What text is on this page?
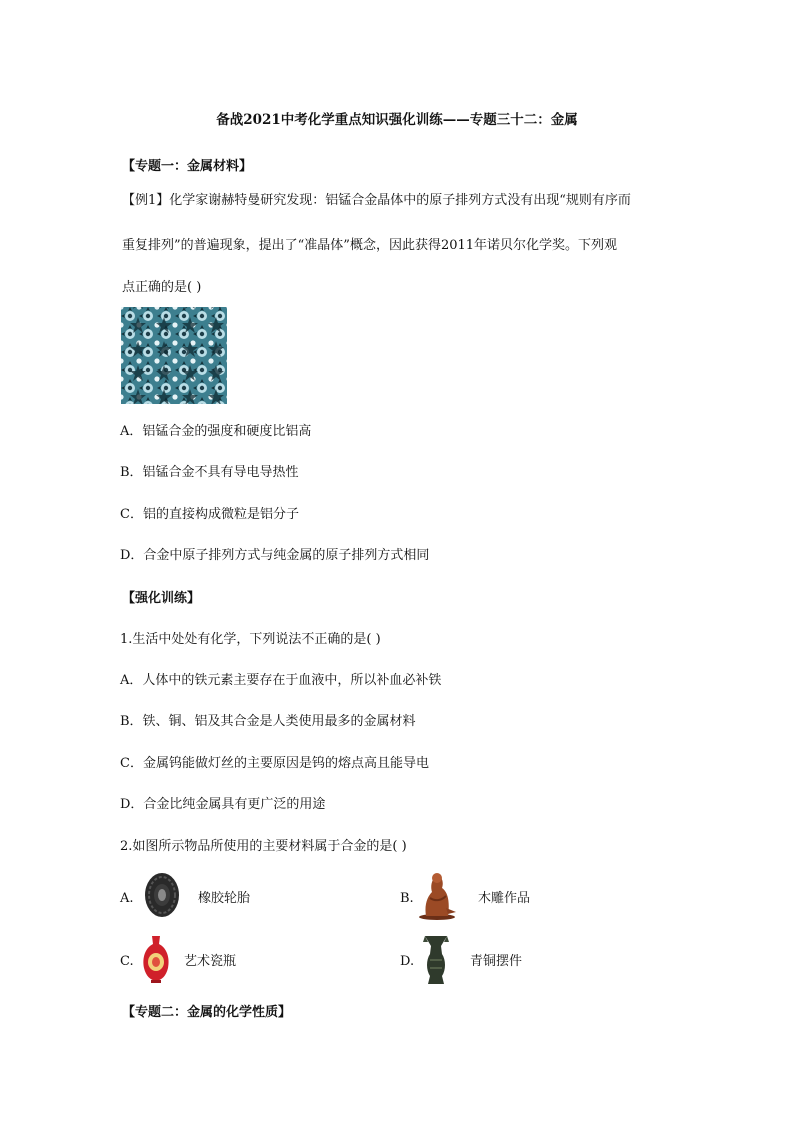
备战2021中考化学重点知识强化训练——专题三十二：金属
【专题一：金属材料】
【例1】化学家谢赫特曼研究发现：铝锰合金晶体中的原子排列方式没有出现“规则有序而
重复排列”的普遍现象，提出了“准晶体”概念，因此获得2011年诺贝尔化学奖。下列观
点正确的是( )
A．铝锰合金的强度和硬度比铝高
B．铝锰合金不具有导电导热性
C．铝的直接构成微粒是铝分子
D．合金中原子排列方式与纯金属的原子排列方式相同
【强化训练】
1.生活中处处有化学，下列说法不正确的是( )
A．人体中的铁元素主要存在于血液中，所以补血必补铁
B．铁、铜、铝及其合金是人类使用最多的金属材料
C．金属钨能做灯丝的主要原因是钨的熔点高且能导电
D．合金比纯金属具有更广泛的用途
2.如图所示物品所使用的主要材料属于合金的是( )
A.	橡胶轮胎	B.	木雕作品
C.	艺术瓷瓶	D.	青铜摆件
【专题二：金属的化学性质】
